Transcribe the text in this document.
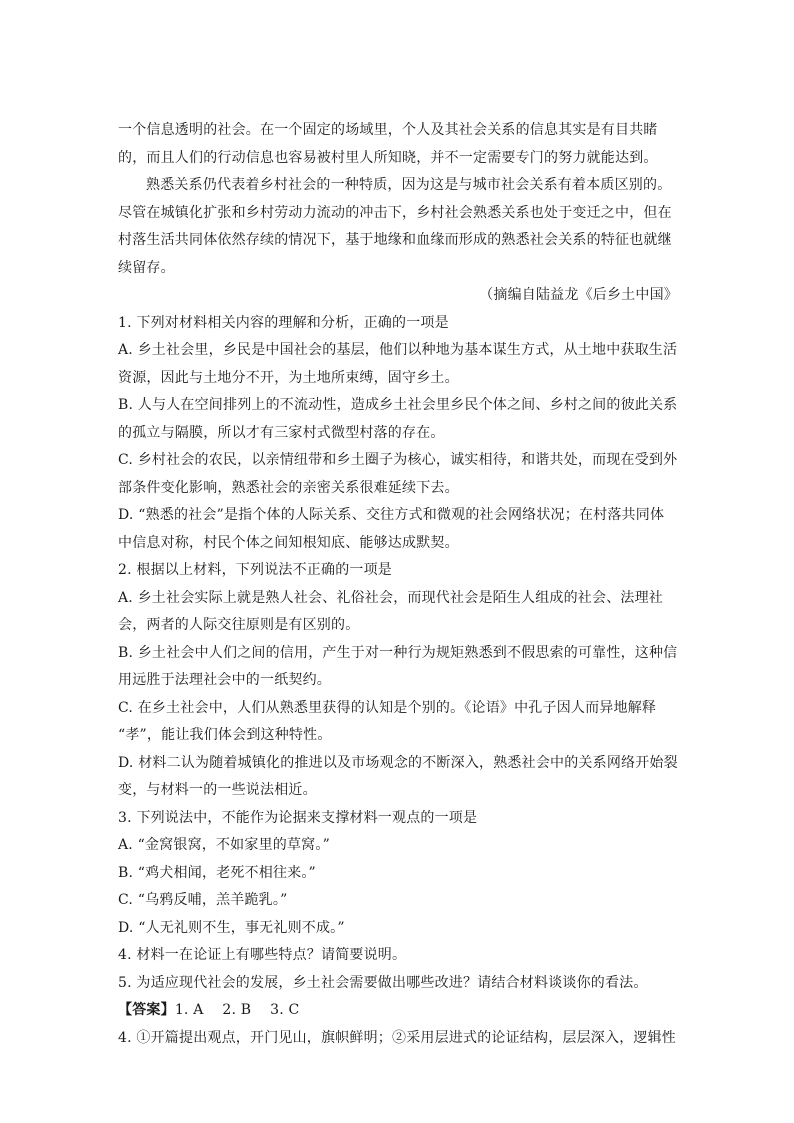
一个信息透明的社会。在一个固定的场域里，个人及其社会关系的信息其实是有目共睹
的，而且人们的行动信息也容易被村里人所知晓，并不一定需要专门的努力就能达到。
熟悉关系仍代表着乡村社会的一种特质，因为这是与城市社会关系有着本质区别的。
尽管在城镇化扩张和乡村劳动力流动的冲击下，乡村社会熟悉关系也处于变迁之中，但在
村落生活共同体依然存续的情况下，基于地缘和血缘而形成的熟悉社会关系的特征也就继
续留存。
（摘编自陆益龙《后乡土中国》
1. 下列对材料相关内容的理解和分析，正确的一项是
A. 乡土社会里，乡民是中国社会的基层，他们以种地为基本谋生方式，从土地中获取生活
资源，因此与土地分不开，为土地所束缚，固守乡土。
B. 人与人在空间排列上的不流动性，造成乡土社会里乡民个体之间、乡村之间的彼此关系
的孤立与隔膜，所以才有三家村式微型村落的存在。
C. 乡村社会的农民，以亲情纽带和乡土圈子为核心，诚实相待，和谐共处，而现在受到外
部条件变化影响，熟悉社会的亲密关系很难延续下去。
D. “熟悉的社会”是指个体的人际关系、交往方式和微观的社会网络状况；在村落共同体
中信息对称，村民个体之间知根知底、能够达成默契。
2. 根据以上材料，下列说法不正确的一项是
A. 乡土社会实际上就是熟人社会、礼俗社会，而现代社会是陌生人组成的社会、法理社
会，两者的人际交往原则是有区别的。
B. 乡土社会中人们之间的信用，产生于对一种行为规矩熟悉到不假思索的可靠性，这种信
用远胜于法理社会中的一纸契约。
C. 在乡土社会中，人们从熟悉里获得的认知是个别的。《论语》中孔子因人而异地解释
“孝”，能让我们体会到这种特性。
D. 材料二认为随着城镇化的推进以及市场观念的不断深入，熟悉社会中的关系网络开始裂
变，与材料一的一些说法相近。
3. 下列说法中，不能作为论据来支撑材料一观点的一项是
A. “金窝银窝，不如家里的草窝。”
B. “鸡犬相闻，老死不相往来。”
C. “乌鸦反哺，羔羊跪乳。”
D. “人无礼则不生，事无礼则不成。”
4. 材料一在论证上有哪些特点？请简要说明。
5. 为适应现代社会的发展，乡土社会需要做出哪些改进？请结合材料谈谈你的看法。
【答案】1. A　 2. B　 3. C
4. ①开篇提出观点，开门见山，旗帜鲜明；②采用层进式的论证结构，层层深入，逻辑性
